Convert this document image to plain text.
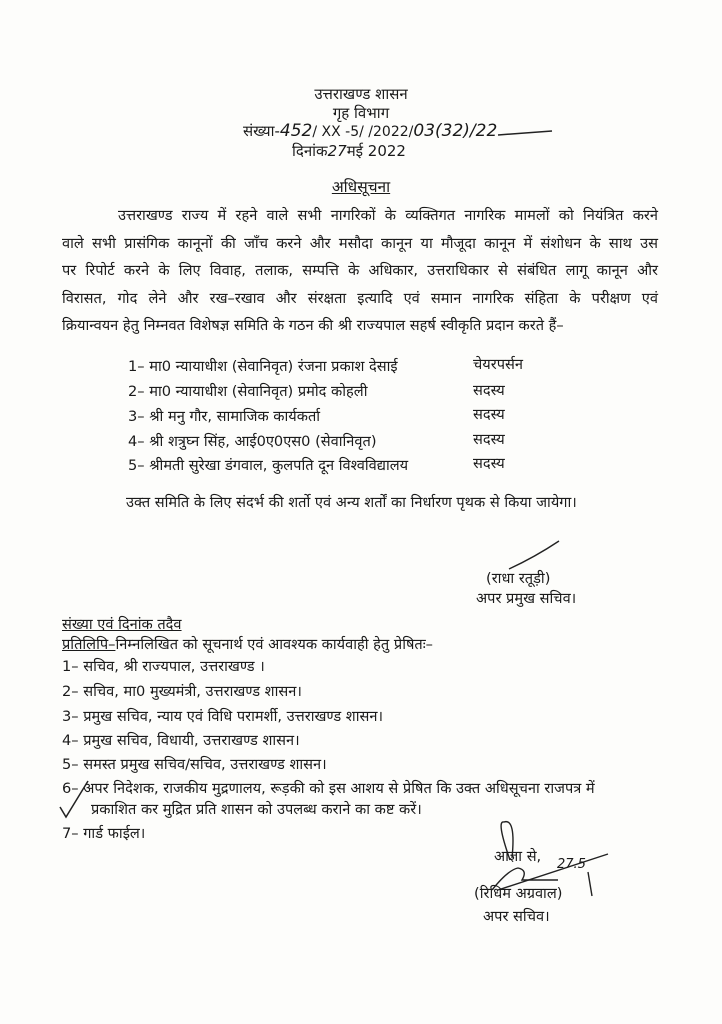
उत्तराखण्ड शासन
गृह विभाग
संख्या-452/ XX -5/ /2022/03(32)/22
दिनांक27मई 2022
अधिसूचना
उत्तराखण्ड राज्य में रहने वाले सभी नागरिकों के व्यक्तिगत नागरिक मामलों को नियंत्रित करने
वाले सभी प्रासंगिक कानूनों की जाँच करने और मसौदा कानून या मौजूदा कानून में संशोधन के साथ उस
पर रिपोर्ट करने के लिए विवाह, तलाक, सम्पत्ति के अधिकार, उत्तराधिकार से संबंधित लागू कानून और
विरासत, गोद लेने और रख–रखाव और संरक्षता इत्यादि एवं समान नागरिक संहिता के परीक्षण एवं
क्रियान्वयन हेतु निम्नवत विशेषज्ञ समिति के गठन की श्री राज्यपाल सहर्ष स्वीकृति प्रदान करते हैं–
1– मा0 न्यायाधीश (सेवानिवृत) रंजना प्रकाश देसाई	चेयरपर्सन
2– मा0 न्यायाधीश (सेवानिवृत) प्रमोद कोहली	सदस्य
3– श्री मनु गौर, सामाजिक कार्यकर्ता	सदस्य
4– श्री शत्रुघ्न सिंह, आई0ए0एस0 (सेवानिवृत)	सदस्य
5– श्रीमती सुरेखा डंगवाल, कुलपति दून विश्वविद्यालय	सदस्य
उक्त समिति के लिए संदर्भ की शर्तो एवं अन्य शर्तों का निर्धारण पृथक से किया जायेगा।
(राधा रतूड़ी)
अपर प्रमुख सचिव।
संख्या एवं दिनांक तदैव
प्रतिलिपि–निम्नलिखित को सूचनार्थ एवं आवश्यक कार्यवाही हेतु प्रेषितः–
1– सचिव, श्री राज्यपाल, उत्तराखण्ड ।
2– सचिव, मा0 मुख्यमंत्री, उत्तराखण्ड शासन।
3– प्रमुख सचिव, न्याय एवं विधि परामर्शी, उत्तराखण्ड शासन।
4– प्रमुख सचिव, विधायी, उत्तराखण्ड शासन।
5– समस्त प्रमुख सचिव/सचिव, उत्तराखण्ड शासन।
6– अपर निदेशक, राजकीय मुद्रणालय, रूड़की को इस आशय से प्रेषित कि उक्त अधिसूचना राजपत्र में
प्रकाशित कर मुद्रित प्रति शासन को उपलब्ध कराने का कष्ट करें।
7– गार्ड फाईल।
आज्ञा से, 27.5
(रिधिम अग्रवाल)
अपर सचिव।
